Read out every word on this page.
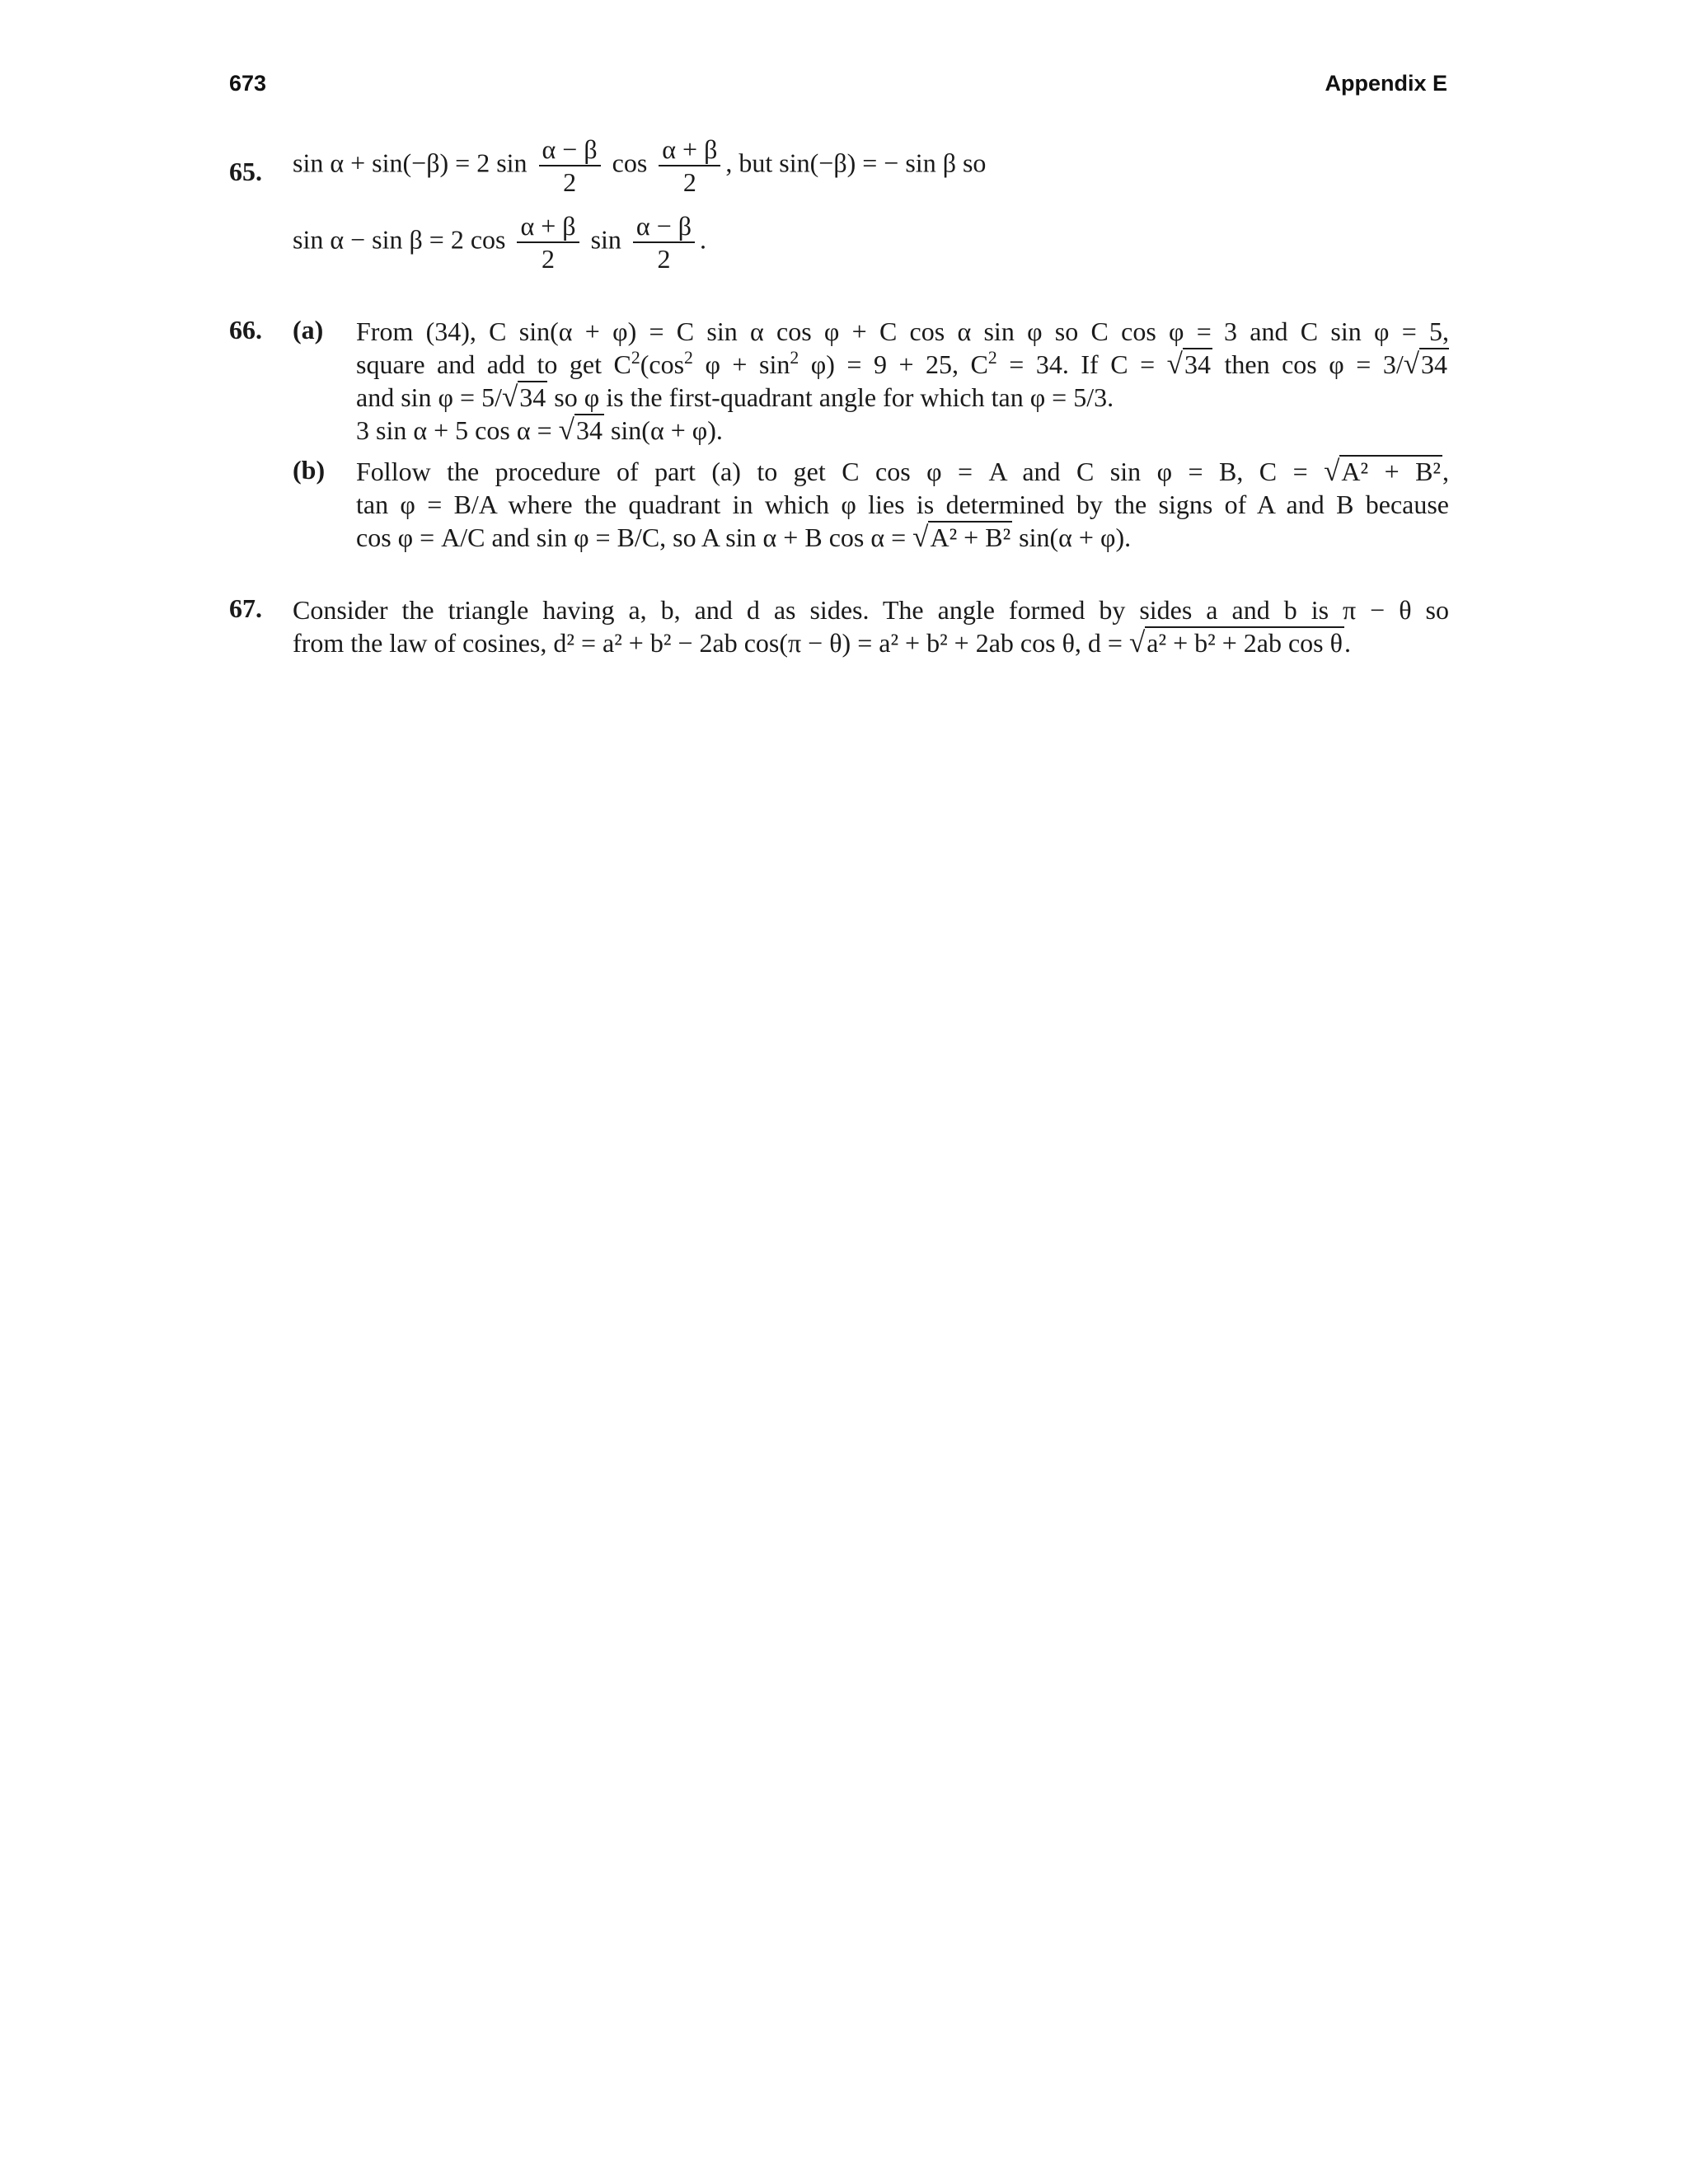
673	Appendix E
65. sin α + sin(−β) = 2 $\sin \frac{\alpha - \beta}{2}$ $\cos \frac{\alpha + \beta}{2}$ , but sin(−β) = − sin β so
sin α − sin β = 2 $\cos \frac{\alpha + \beta}{2}$ $\sin \frac{\alpha - \beta}{2}$ .
66. (a) From (34), C sin(α + φ) = C sin α cos φ + C cos α sin φ so C cos φ = 3 and C sin φ = 5,
square and add to get $C^2(\cos^2$ $\varphi + \sin^2 \varphi) = 9 + 25$, $C^2 = 34$. If C = √34 then cos φ = 3/√34
and sin φ = 5/√34 so φ is the first-quadrant angle for which tan φ = 5/3.
3 sin α + 5 cos α = √34 sin(α + φ).
(b) Follow the procedure of part (a) to get C cos φ = A and C sin φ = B, C = √A² + B²,
tan φ = B/A where the quadrant in which φ lies is determined by the signs of A and B because
cos φ = A/C and sin φ = B/C, so A sin α + B cos α = √A² + B² sin(α + φ).
67. Consider the triangle having a, b, and d as sides. The angle formed by sides a and b is π − θ so
from the law of cosines, d² = a² + b² − 2ab cos(π − θ) = a² + b² + 2ab cos θ, d = √a² + b² + 2ab cos θ.
